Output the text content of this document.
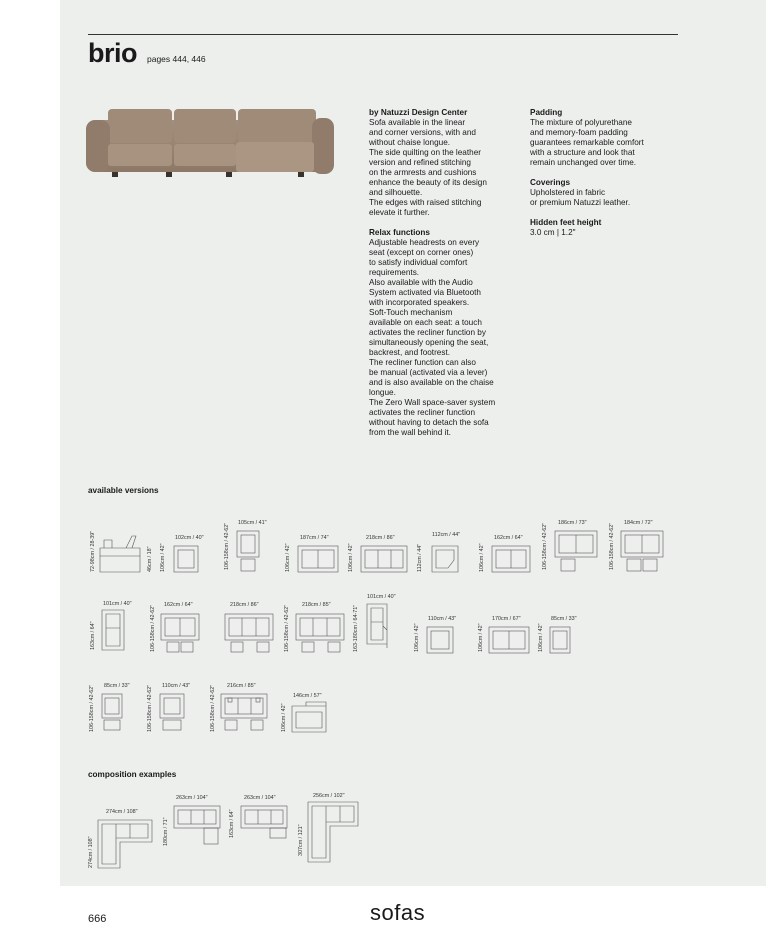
brio pages 444, 446
by Natuzzi Design Center

Sofa available in the linear

and corner versions, with and

without chaise longue.

The side quilting on the leather

version and refined stitching

on the armrests and cushions

enhance the beauty of its design

and silhouette.

The edges with raised stitching

elevate it further.

Relax functions

Adjustable headrests on every

seat (except on corner ones)

to satisfy individual comfort

requirements.

Also available with the Audio

System activated via Bluetooth

with incorporated speakers.

Soft-Touch mechanism

available on each seat: a touch

activates the recliner function by

simultaneously opening the seat,

backrest, and footrest.

The recliner function can also

be manual (activated via a lever)

and is also available on the chaise

longue.

The Zero Wall space-saver system

activates the recliner function

without having to detach the sofa

from the wall behind it.

Padding

The mixture of polyurethane

and memory-foam padding

guarantees remarkable comfort

with a structure and look that

remain unchanged over time.

Coverings

Upholstered in fabric

or premium Natuzzi leather.

Hidden feet height

3.0 cm | 1.2"

available versions
composition examples
72-98cm / 28-39"	46cm / 18" 106cm / 42"
102cm / 40"	106-158cm / 42-62" 105cm / 41"
106cm / 42"
187cm / 74"
106cm / 42"
218cm / 86"
112cm / 44"
112cm / 44"
106cm / 42"
162cm / 64"	106-158cm / 42-62" 186cm / 73"	106-158cm / 42-62" 184cm / 72"
163cm / 64"
101cm / 40"
106-158cm / 42-62" 162cm / 64"	218cm / 86"	106-158cm / 42-62" 218cm / 85"	163-180cm / 64-71"
101cm / 40"
106cm / 42"
110cm / 43"
106cm / 42"
170cm / 67"
106cm / 42"
85cm / 33"
106-158cm / 42-62" 85cm / 33"	106-158cm / 42-62" 110cm / 43"	106-158cm / 42-62" 216cm / 85"
106cm / 42"
146cm / 57"
274cm / 108"
274cm / 108"
263cm / 104"
180cm / 71"
263cm / 104"
163cm / 64"
256cm / 102"
307cm / 121"
666	sofas
